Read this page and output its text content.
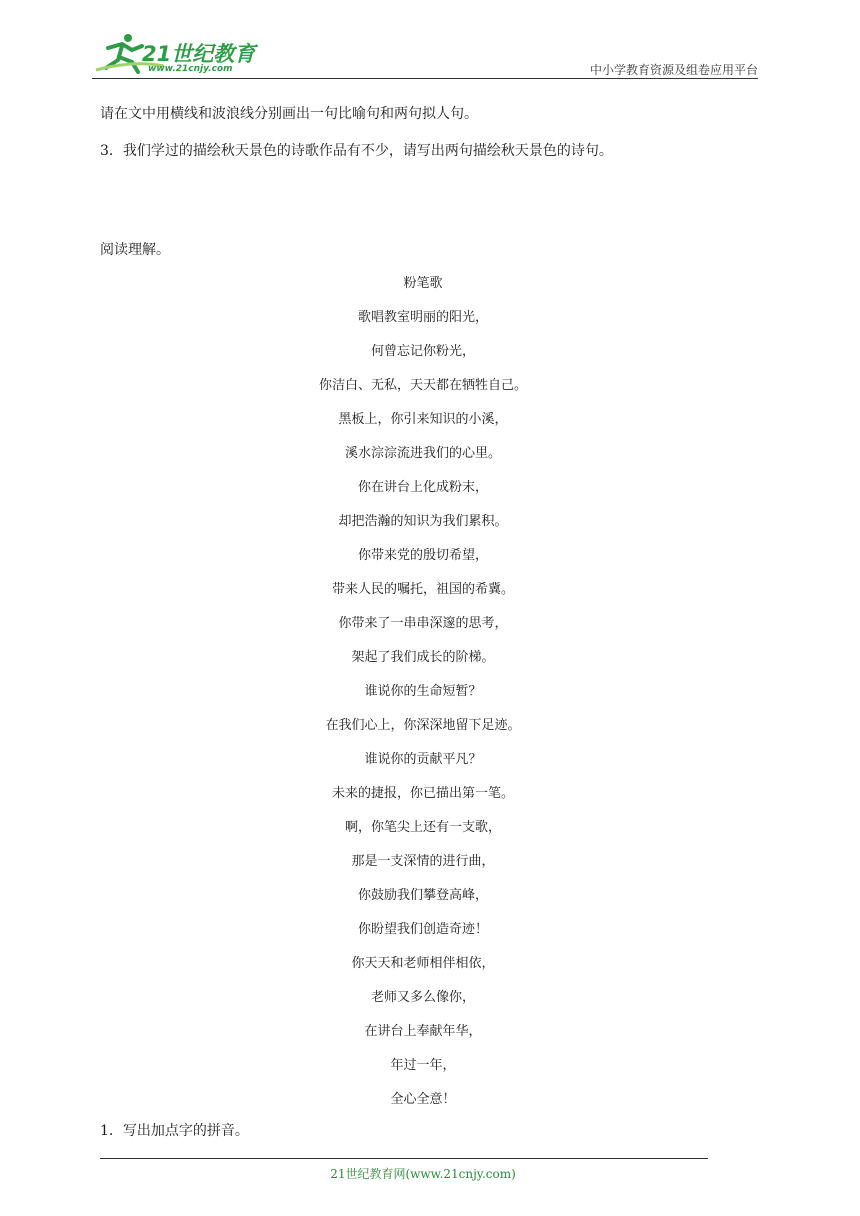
21世纪教育
www.21cnjy.com	中小学教育资源及组卷应用平台
请在文中用横线和波浪线分别画出一句比喻句和两句拟人句。
3．我们学过的描绘秋天景色的诗歌作品有不少，请写出两句描绘秋天景色的诗句。
阅读理解。
粉笔歌
歌唱教室明丽的阳光，
何曾忘记你粉光，
你洁白、无私，天天都在牺牲自己。
黑板上，你引来知识的小溪，
溪水淙淙流进我们的心里。
你在讲台上化成粉末，
却把浩瀚的知识为我们累积。
你带来党的殷切希望，
带来人民的嘱托，祖国的希冀。
你带来了一串串深邃的思考，
架起了我们成长的阶梯。
谁说你的生命短暂？
在我们心上，你深深地留下足迹。
谁说你的贡献平凡？
未来的捷报，你已描出第一笔。
啊，你笔尖上还有一支歌，
那是一支深情的进行曲，
你鼓励我们攀登高峰，
你盼望我们创造奇迹！
你天天和老师相伴相依，
老师又多么像你，
在讲台上奉献年华，
年过一年，
全心全意！
1．写出加点字的拼音。
21世纪教育网(www.21cnjy.com)
